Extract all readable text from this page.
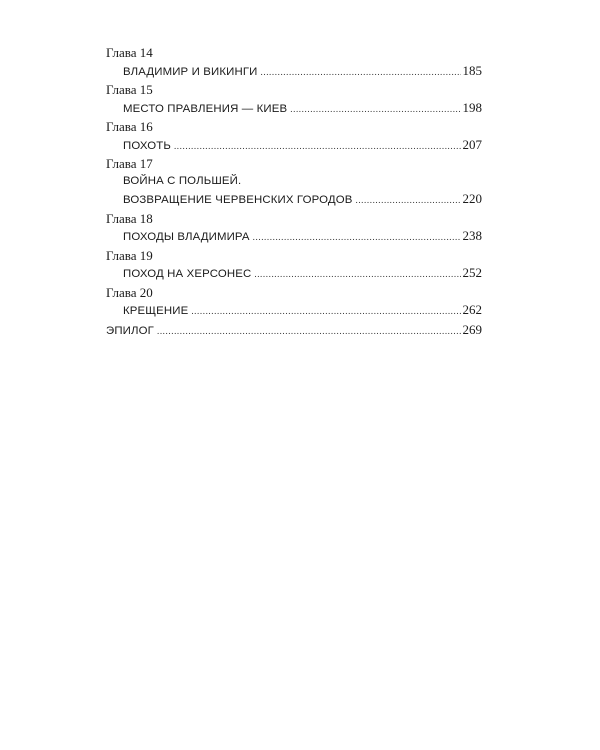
Глава 14
ВЛАДИМИР И ВИКИНГИ .....	185
Глава 15
МЕСТО ПРАВЛЕНИЯ — КИЕВ .....	198
Глава 16
ПОХОТЬ .....	207
Глава 17
ВОЙНА С ПОЛЬШЕЙ.
ВОЗВРАЩЕНИЕ ЧЕРВЕНСКИХ ГОРОДОВ .....	220
Глава 18
ПОХОДЫ ВЛАДИМИРА .....	238
Глава 19
ПОХОД НА ХЕРСОНЕС .....	252
Глава 20
КРЕЩЕНИЕ .....	262
ЭПИЛОГ .....	269
